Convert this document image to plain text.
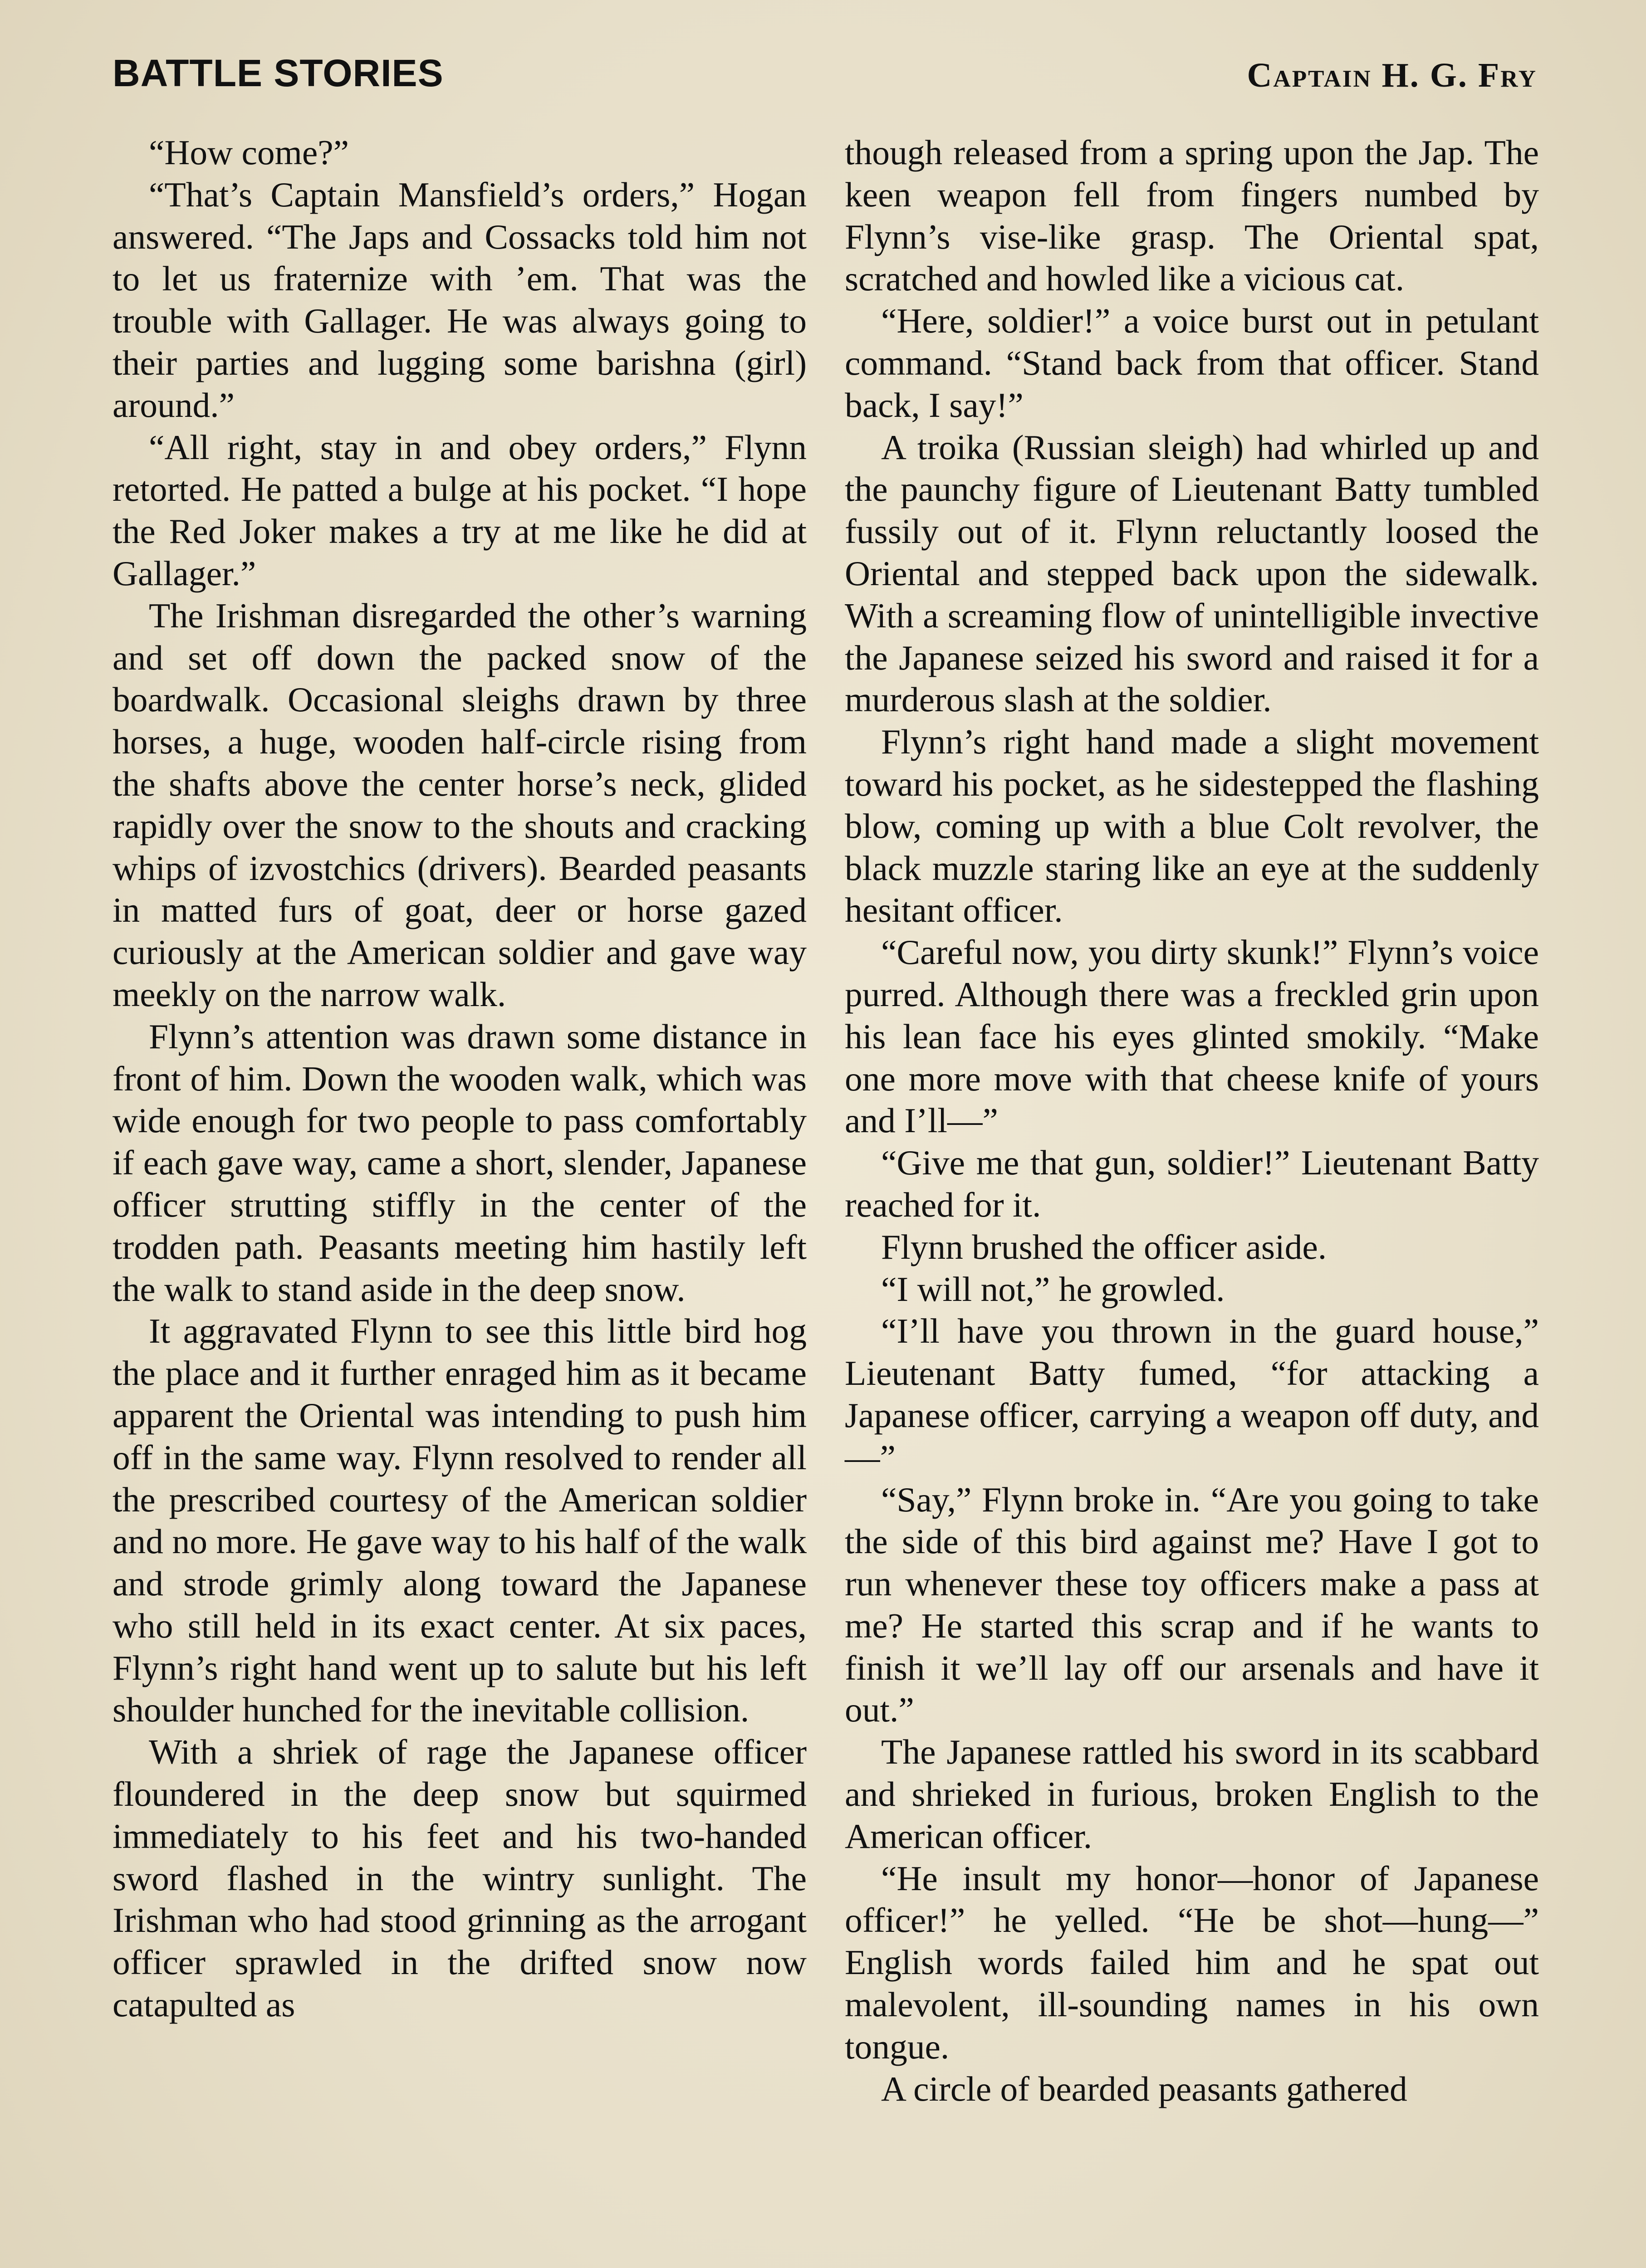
BATTLE STORIES	Captain H. G. Fry

“How come?”

“That’s Captain Mansfield’s orders,” Hogan answered. “The Japs and Cossacks told him not to let us fraternize with ’em. That was the trouble with Gallager. He was always going to their parties and lugging some barishna (girl) around.”

“All right, stay in and obey orders,” Flynn retorted. He patted a bulge at his pocket. “I hope the Red Joker makes a try at me like he did at Gallager.”

The Irishman disregarded the other’s warning and set off down the packed snow of the boardwalk. Occasional sleighs drawn by three horses, a huge, wooden half-circle rising from the shafts above the center horse’s neck, glided rapidly over the snow to the shouts and cracking whips of izvostchics (drivers). Bearded peasants in matted furs of goat, deer or horse gazed curiously at the American soldier and gave way meekly on the narrow walk.

Flynn’s attention was drawn some distance in front of him. Down the wooden walk, which was wide enough for two people to pass comfortably if each gave way, came a short, slender, Japanese officer strutting stiffly in the center of the trodden path. Peasants meeting him hastily left the walk to stand aside in the deep snow.

It aggravated Flynn to see this little bird hog the place and it further enraged him as it became apparent the Oriental was intending to push him off in the same way. Flynn resolved to render all the prescribed courtesy of the American soldier and no more. He gave way to his half of the walk and strode grimly along toward the Japanese who still held in its exact center. At six paces, Flynn’s right hand went up to salute but his left shoulder hunched for the inevitable collision.

With a shriek of rage the Japanese officer floundered in the deep snow but squirmed immediately to his feet and his two-handed sword flashed in the wintry sunlight. The Irishman who had stood grinning as the arrogant officer sprawled in the drifted snow now catapulted as

though released from a spring upon the Jap. The keen weapon fell from fingers numbed by Flynn’s vise-like grasp. The Oriental spat, scratched and howled like a vicious cat.

“Here, soldier!” a voice burst out in petulant command. “Stand back from that officer. Stand back, I say!”

A troika (Russian sleigh) had whirled up and the paunchy figure of Lieutenant Batty tumbled fussily out of it. Flynn reluctantly loosed the Oriental and stepped back upon the sidewalk. With a screaming flow of unintelligible invective the Japanese seized his sword and raised it for a murderous slash at the soldier.

Flynn’s right hand made a slight movement toward his pocket, as he sidestepped the flashing blow, coming up with a blue Colt revolver, the black muzzle staring like an eye at the suddenly hesitant officer.

“Careful now, you dirty skunk!” Flynn’s voice purred. Although there was a freckled grin upon his lean face his eyes glinted smokily. “Make one more move with that cheese knife of yours and I’ll—”

“Give me that gun, soldier!” Lieutenant Batty reached for it.

Flynn brushed the officer aside.

“I will not,” he growled.

“I’ll have you thrown in the guard house,” Lieutenant Batty fumed, “for attacking a Japanese officer, carrying a weapon off duty, and—”

“Say,” Flynn broke in. “Are you going to take the side of this bird against me? Have I got to run whenever these toy officers make a pass at me? He started this scrap and if he wants to finish it we’ll lay off our arsenals and have it out.”

The Japanese rattled his sword in its scabbard and shrieked in furious, broken English to the American officer.

“He insult my honor—honor of Japanese officer!” he yelled. “He be shot—hung—” English words failed him and he spat out malevolent, ill-sounding names in his own tongue.

A circle of bearded peasants gathered
